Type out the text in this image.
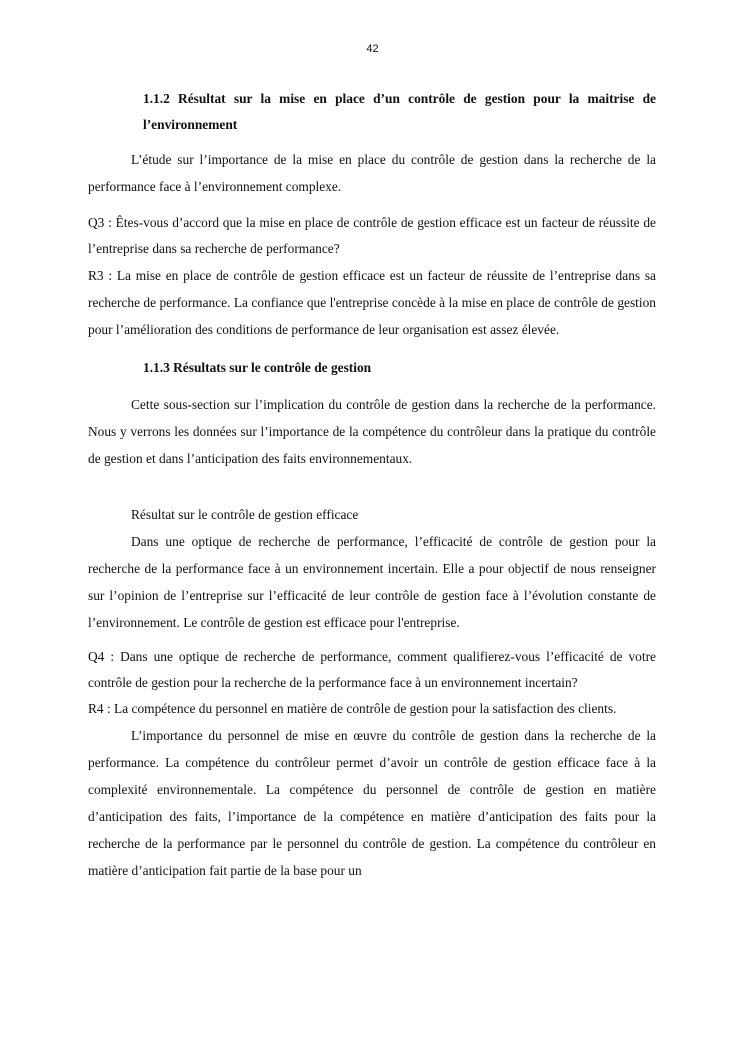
42
1.1.2 Résultat sur la mise en place d’un contrôle de gestion pour la maitrise de l’environnement

L’étude sur l’importance de la mise en place du contrôle de gestion dans la recherche de la performance face à l’environnement complexe.

Q3 : Êtes-vous d’accord que la mise en place de contrôle de gestion efficace est un facteur de réussite de l’entreprise dans sa recherche de performance?

R3 : La mise en place de contrôle de gestion efficace est un facteur de réussite de l’entreprise dans sa recherche de performance. La confiance que l'entreprise concède à la mise en place de contrôle de gestion pour l’amélioration des conditions de performance de leur organisation est assez élevée.

1.1.3 Résultats sur le contrôle de gestion

Cette sous-section sur l’implication du contrôle de gestion dans la recherche de la performance. Nous y verrons les données sur l’importance de la compétence du contrôleur dans la pratique du contrôle de gestion et dans l’anticipation des faits environnementaux.

Résultat sur le contrôle de gestion efficace

Dans une optique de recherche de performance, l’efficacité de contrôle de gestion pour la recherche de la performance face à un environnement incertain. Elle a pour objectif de nous renseigner sur l’opinion de l’entreprise sur l’efficacité de leur contrôle de gestion face à l’évolution constante de l’environnement. Le contrôle de gestion est efficace pour l'entreprise.

Q4 : Dans une optique de recherche de performance, comment qualifierez-vous l’efficacité de votre contrôle de gestion pour la recherche de la performance face à un environnement incertain?

R4 : La compétence du personnel en matière de contrôle de gestion pour la satisfaction des clients.

L’importance du personnel de mise en œuvre du contrôle de gestion dans la recherche de la performance. La compétence du contrôleur permet d’avoir un contrôle de gestion efficace face à la complexité environnementale. La compétence du personnel de contrôle de gestion en matière d’anticipation des faits, l’importance de la compétence en matière d’anticipation des faits pour la recherche de la performance par le personnel du contrôle de gestion. La compétence du contrôleur en matière d’anticipation fait partie de la base pour un
